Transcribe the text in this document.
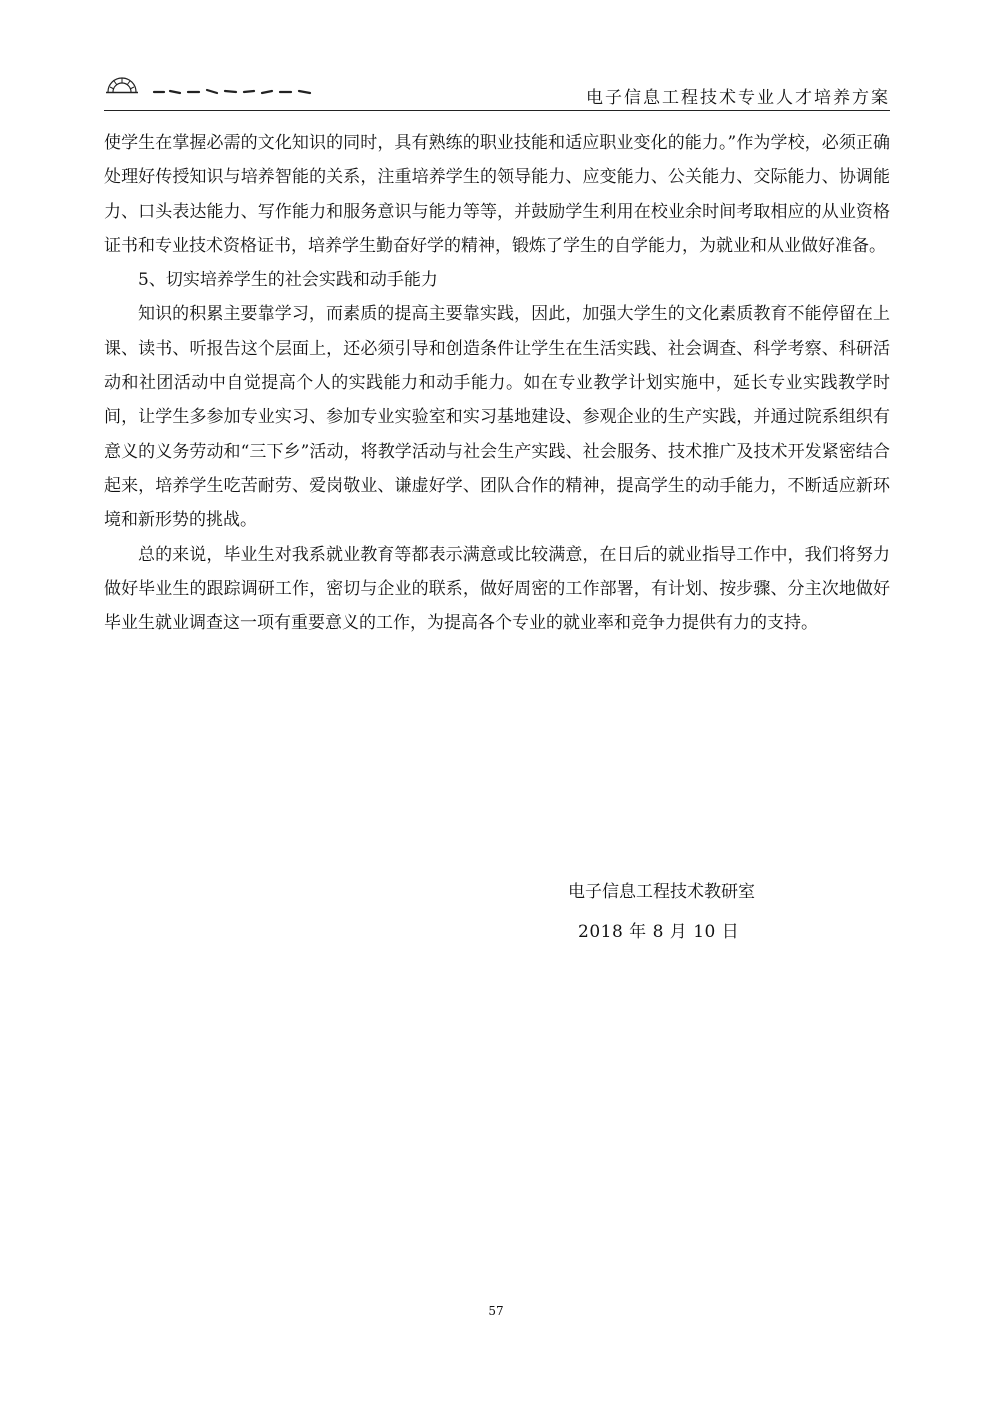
电子信息工程技术专业人才培养方案

使学生在掌握必需的文化知识的同时，具有熟练的职业技能和适应职业变化的能力。”作为学校，必须正确处理好传授知识与培养智能的关系，注重培养学生的领导能力、应变能力、公关能力、交际能力、协调能力、口头表达能力、写作能力和服务意识与能力等等，并鼓励学生利用在校业余时间考取相应的从业资格证书和专业技术资格证书，培养学生勤奋好学的精神，锻炼了学生的自学能力，为就业和从业做好准备。

5、切实培养学生的社会实践和动手能力

知识的积累主要靠学习，而素质的提高主要靠实践，因此，加强大学生的文化素质教育不能停留在上课、读书、听报告这个层面上，还必须引导和创造条件让学生在生活实践、社会调查、科学考察、科研活动和社团活动中自觉提高个人的实践能力和动手能力。如在专业教学计划实施中，延长专业实践教学时间，让学生多参加专业实习、参加专业实验室和实习基地建设、参观企业的生产实践，并通过院系组织有意义的义务劳动和“三下乡”活动，将教学活动与社会生产实践、社会服务、技术推广及技术开发紧密结合起来，培养学生吃苦耐劳、爱岗敬业、谦虚好学、团队合作的精神，提高学生的动手能力，不断适应新环境和新形势的挑战。

总的来说，毕业生对我系就业教育等都表示满意或比较满意，在日后的就业指导工作中，我们将努力做好毕业生的跟踪调研工作，密切与企业的联系，做好周密的工作部署，有计划、按步骤、分主次地做好毕业生就业调查这一项有重要意义的工作，为提高各个专业的就业率和竞争力提供有力的支持。

电子信息工程技术教研室
2018 年 8 月 10 日
57
